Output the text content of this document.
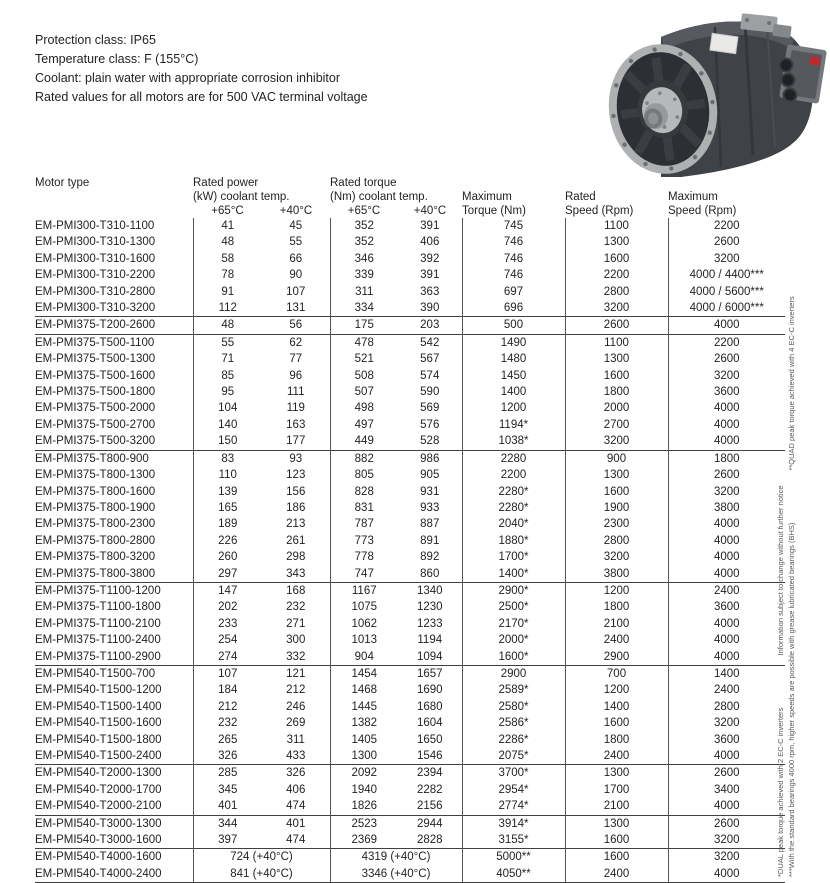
Protection class: IP65
Temperature class: F (155°C)
Coolant: plain water with appropriate corrosion inhibitor
Rated values for all motors are for 500 VAC terminal voltage
Motor type	Rated power		Rated torque				
	(kW) coolant temp.		(Nm) coolant temp.		Maximum	Rated	Maximum
	+65°C	+40°C	+65°C	+40°C	Torque (Nm)	Speed (Rpm)	Speed (Rpm)
EM-PMI300-T310-1100	41	45	352	391	745	1100	2200
EM-PMI300-T310-1300	48	55	352	406	746	1300	2600
EM-PMI300-T310-1600	58	66	346	392	746	1600	3200
EM-PMI300-T310-2200	78	90	339	391	746	2200	4000 / 4400***
EM-PMI300-T310-2800	91	107	311	363	697	2800	4000 / 5600***
EM-PMI300-T310-3200	112	131	334	390	696	3200	4000 / 6000***
EM-PMI375-T200-2600	48	56	175	203	500	2600	4000
EM-PMI375-T500-1100	55	62	478	542	1490	1100	2200
EM-PMI375-T500-1300	71	77	521	567	1480	1300	2600
EM-PMI375-T500-1600	85	96	508	574	1450	1600	3200
EM-PMI375-T500-1800	95	111	507	590	1400	1800	3600
EM-PMI375-T500-2000	104	119	498	569	1200	2000	4000
EM-PMI375-T500-2700	140	163	497	576	1194*	2700	4000
EM-PMI375-T500-3200	150	177	449	528	1038*	3200	4000
EM-PMI375-T800-900	83	93	882	986	2280	900	1800
EM-PMI375-T800-1300	110	123	805	905	2200	1300	2600
EM-PMI375-T800-1600	139	156	828	931	2280*	1600	3200
EM-PMI375-T800-1900	165	186	831	933	2280*	1900	3800
EM-PMI375-T800-2300	189	213	787	887	2040*	2300	4000
EM-PMI375-T800-2800	226	261	773	891	1880*	2800	4000
EM-PMI375-T800-3200	260	298	778	892	1700*	3200	4000
EM-PMI375-T800-3800	297	343	747	860	1400*	3800	4000
EM-PMI375-T1100-1200	147	168	1167	1340	2900*	1200	2400
EM-PMI375-T1100-1800	202	232	1075	1230	2500*	1800	3600
EM-PMI375-T1100-2100	233	271	1062	1233	2170*	2100	4000
EM-PMI375-T1100-2400	254	300	1013	1194	2000*	2400	4000
EM-PMI375-T1100-2900	274	332	904	1094	1600*	2900	4000
EM-PMI540-T1500-700	107	121	1454	1657	2900	700	1400
EM-PMI540-T1500-1200	184	212	1468	1690	2589*	1200	2400
EM-PMI540-T1500-1400	212	246	1445	1680	2580*	1400	2800
EM-PMI540-T1500-1600	232	269	1382	1604	2586*	1600	3200
EM-PMI540-T1500-1800	265	311	1405	1650	2286*	1800	3600
EM-PMI540-T1500-2400	326	433	1300	1546	2075*	2400	4000
EM-PMI540-T2000-1300	285	326	2092	2394	3700*	1300	2600
EM-PMI540-T2000-1700	345	406	1940	2282	2954*	1700	3400
EM-PMI540-T2000-2100	401	474	1826	2156	2774*	2100	4000
EM-PMI540-T3000-1300	344	401	2523	2944	3914*	1300	2600
EM-PMI540-T3000-1600	397	474	2369	2828	3155*	1600	3200
EM-PMI540-T4000-1600	724 (+40°C)		4319 (+40°C)		5000**	1600	3200
EM-PMI540-T4000-2400	841 (+40°C)		3346 (+40°C)		4050**	2400	4000	***With the standard bearings 4000 rpm, higher speeds are possible with grease lubricated bearings (BHS) **QUAD peak torque achieved with 4 EC-C inverters
*DUAL peak torque achieved with 2 EC-C inverters Information subject to change without further notice
